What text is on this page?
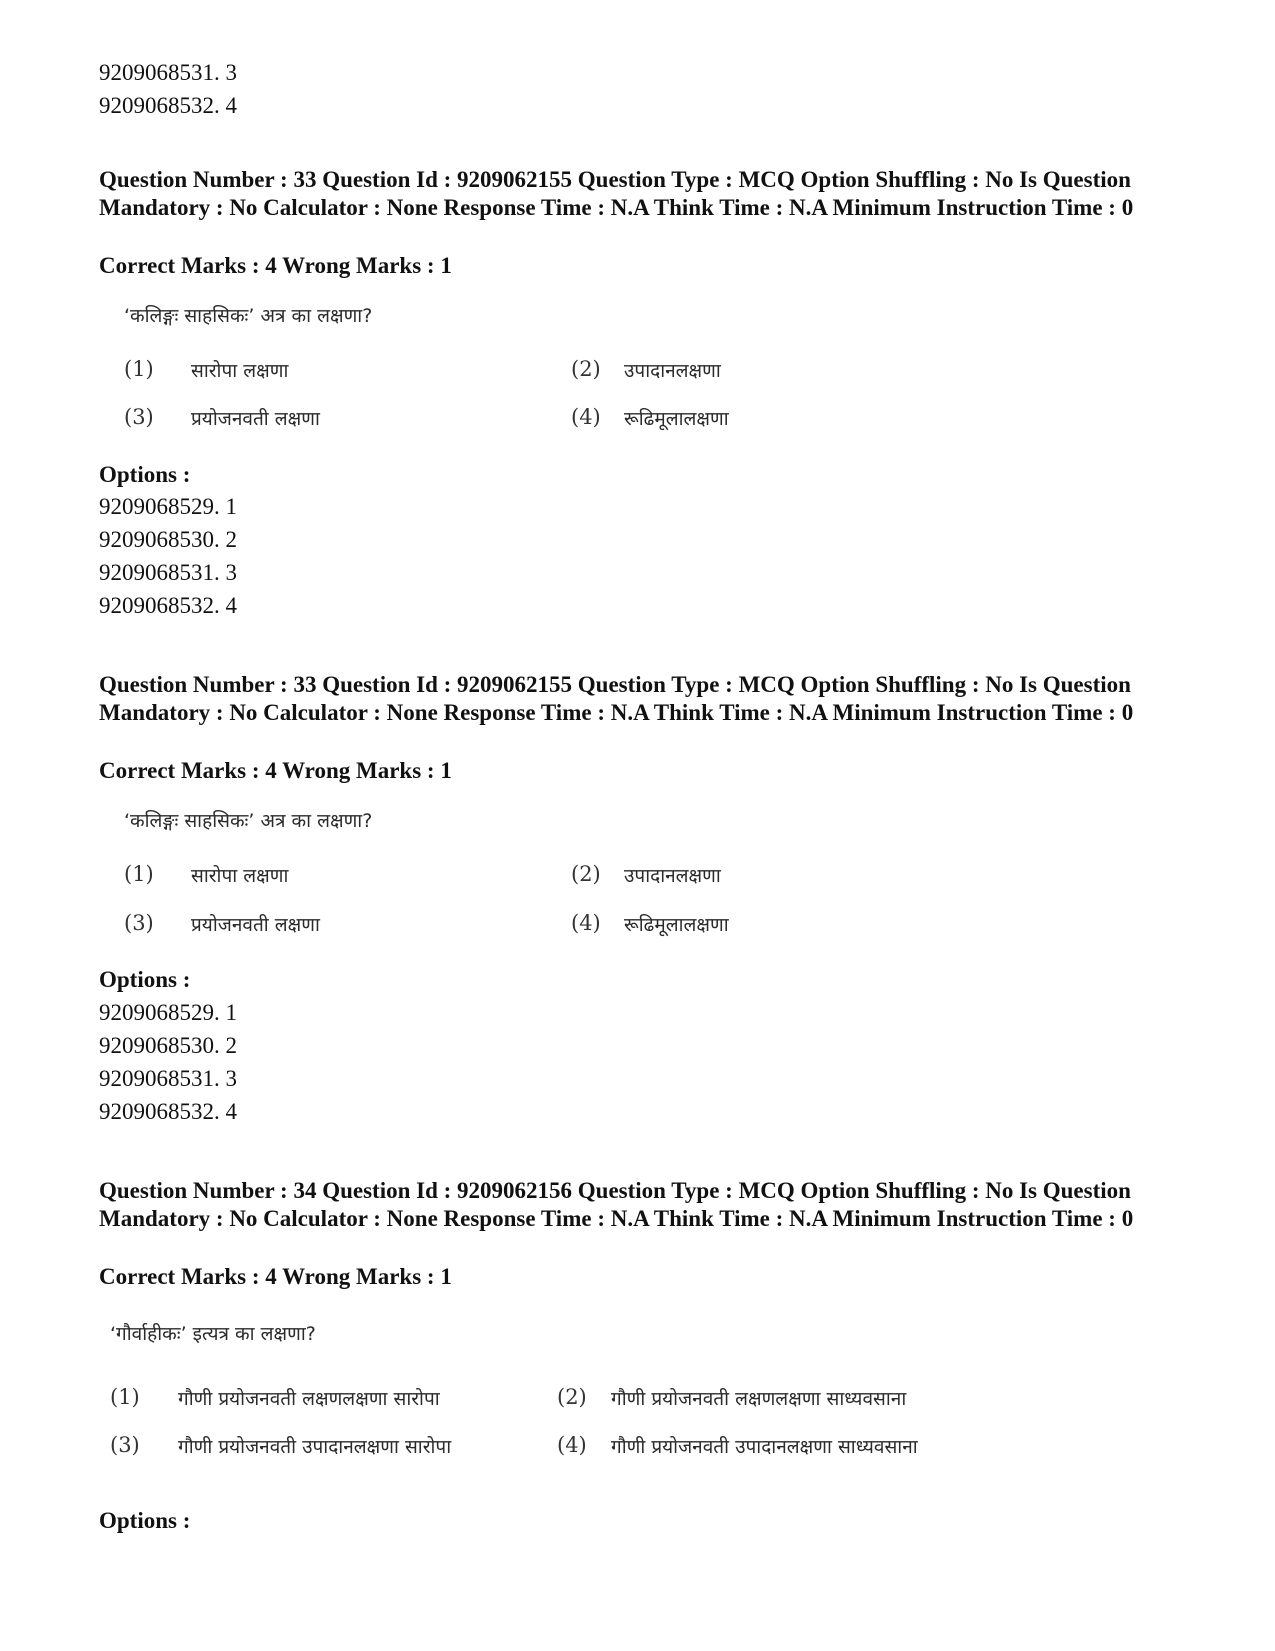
9209068531. 3
9209068532. 4
Question Number : 33 Question Id : 9209062155 Question Type : MCQ Option Shuffling : No Is Question Mandatory : No Calculator : None Response Time : N.A Think Time : N.A Minimum Instruction Time : 0
Correct Marks : 4 Wrong Marks : 1
‘कलिङ्गः साहसिकः’ अत्र का लक्षणा?
(1) सारोपा लक्षणा	(2) उपादानलक्षणा
(3) प्रयोजनवती लक्षणा	(4) रूढिमूलालक्षणा
Options :
9209068529. 1
9209068530. 2
9209068531. 3
9209068532. 4
Question Number : 33 Question Id : 9209062155 Question Type : MCQ Option Shuffling : No Is Question Mandatory : No Calculator : None Response Time : N.A Think Time : N.A Minimum Instruction Time : 0
Correct Marks : 4 Wrong Marks : 1
‘कलिङ्गः साहसिकः’ अत्र का लक्षणा?
(1) सारोपा लक्षणा	(2) उपादानलक्षणा
(3) प्रयोजनवती लक्षणा	(4) रूढिमूलालक्षणा
Options :
9209068529. 1
9209068530. 2
9209068531. 3
9209068532. 4
Question Number : 34 Question Id : 9209062156 Question Type : MCQ Option Shuffling : No Is Question Mandatory : No Calculator : None Response Time : N.A Think Time : N.A Minimum Instruction Time : 0
Correct Marks : 4 Wrong Marks : 1
‘गौर्वाहीकः’ इत्यत्र का लक्षणा?
(1) गौणी प्रयोजनवती लक्षणलक्षणा सारोपा	(2) गौणी प्रयोजनवती लक्षणलक्षणा साध्यवसाना
(3) गौणी प्रयोजनवती उपादानलक्षणा सारोपा	(4) गौणी प्रयोजनवती उपादानलक्षणा साध्यवसाना
Options :
